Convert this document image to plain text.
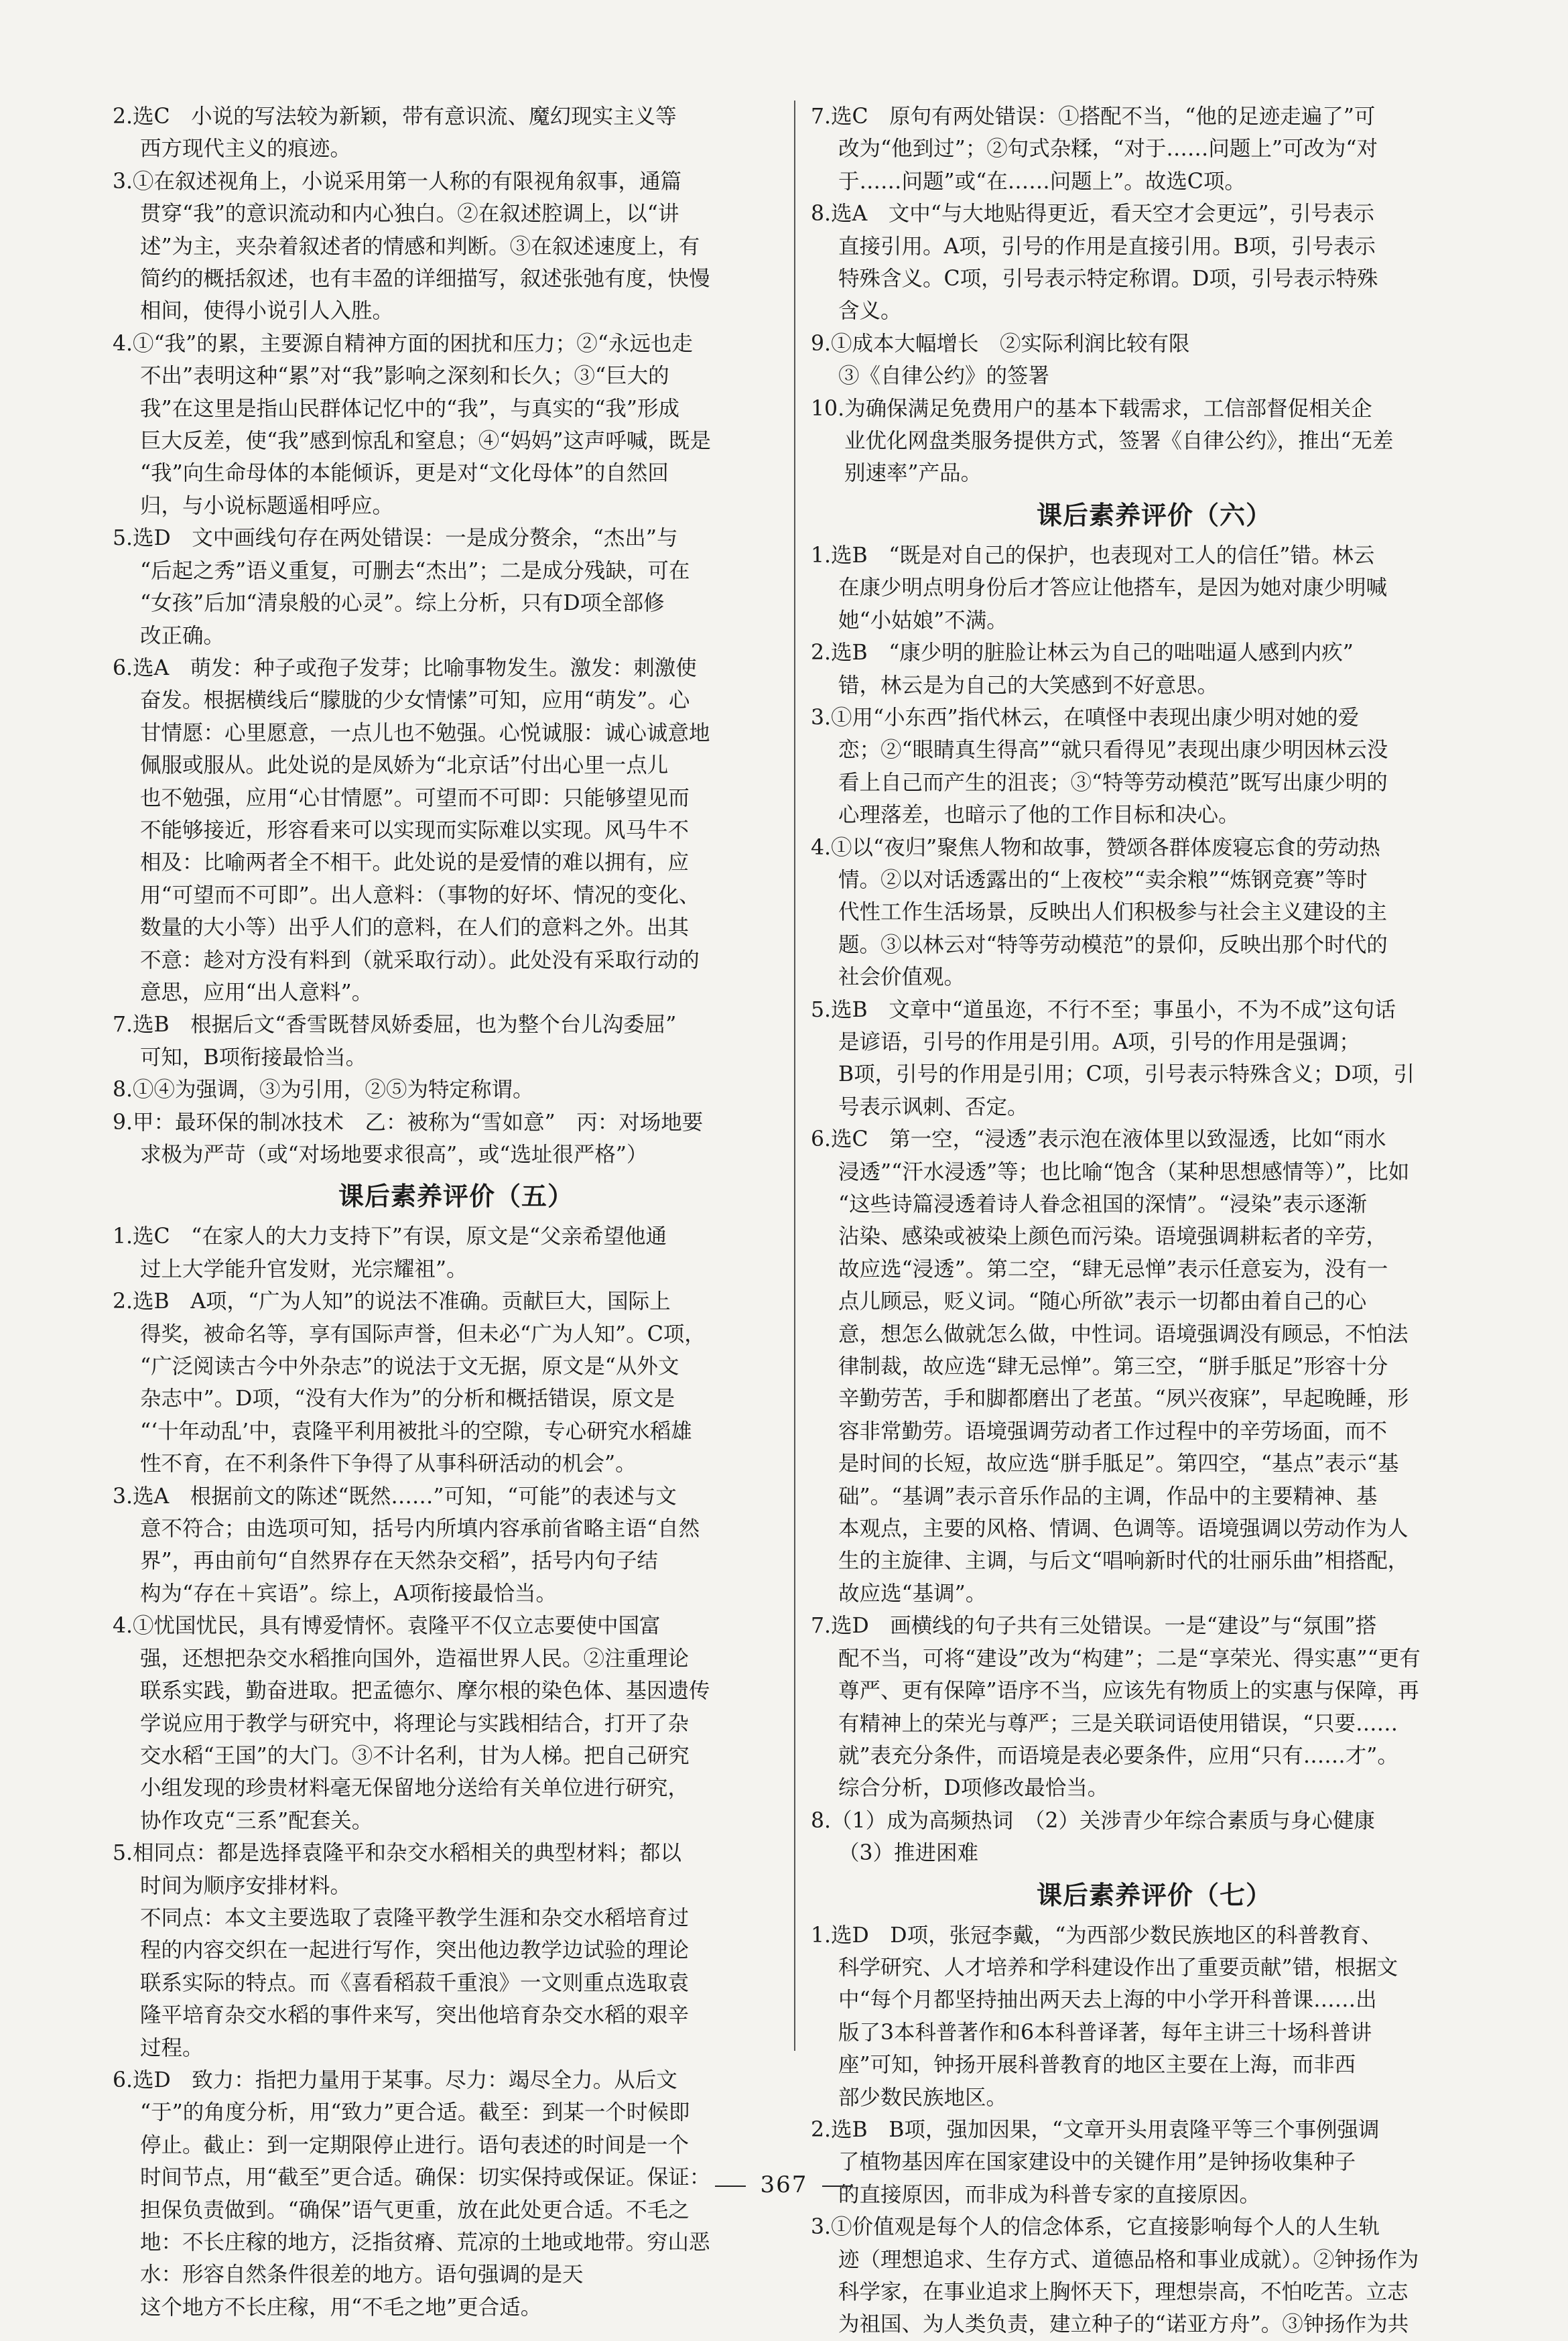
2.选C　小说的写法较为新颖，带有意识流、魔幻现实主义等
西方现代主义的痕迹。
3.①在叙述视角上，小说采用第一人称的有限视角叙事，通篇
贯穿“我”的意识流动和内心独白。②在叙述腔调上，以“讲
述”为主，夹杂着叙述者的情感和判断。③在叙述速度上，有
简约的概括叙述，也有丰盈的详细描写，叙述张弛有度，快慢
相间，使得小说引人入胜。
4.①“我”的累，主要源自精神方面的困扰和压力；②“永远也走
不出”表明这种“累”对“我”影响之深刻和长久；③“巨大的
我”在这里是指山民群体记忆中的“我”，与真实的“我”形成
巨大反差，使“我”感到惊乱和窒息；④“妈妈”这声呼喊，既是
“我”向生命母体的本能倾诉，更是对“文化母体”的自然回
归，与小说标题遥相呼应。
5.选D　文中画线句存在两处错误：一是成分赘余，“杰出”与
“后起之秀”语义重复，可删去“杰出”；二是成分残缺，可在
“女孩”后加“清泉般的心灵”。综上分析，只有D项全部修
改正确。
6.选A　萌发：种子或孢子发芽；比喻事物发生。激发：刺激使
奋发。根据横线后“朦胧的少女情愫”可知，应用“萌发”。心
甘情愿：心里愿意，一点儿也不勉强。心悦诚服：诚心诚意地
佩服或服从。此处说的是凤娇为“北京话”付出心里一点儿
也不勉强，应用“心甘情愿”。可望而不可即：只能够望见而
不能够接近，形容看来可以实现而实际难以实现。风马牛不
相及：比喻两者全不相干。此处说的是爱情的难以拥有，应
用“可望而不可即”。出人意料：（事物的好坏、情况的变化、
数量的大小等）出乎人们的意料，在人们的意料之外。出其
不意：趁对方没有料到（就采取行动）。此处没有采取行动的
意思，应用“出人意料”。
7.选B　根据后文“香雪既替凤娇委屈，也为整个台儿沟委屈”
可知，B项衔接最恰当。
8.①④为强调，③为引用，②⑤为特定称谓。
9.甲：最环保的制冰技术　乙：被称为“雪如意”　丙：对场地要
求极为严苛（或“对场地要求很高”，或“选址很严格”）
课后素养评价（五）
1.选C　“在家人的大力支持下”有误，原文是“父亲希望他通
过上大学能升官发财，光宗耀祖”。
2.选B　A项，“广为人知”的说法不准确。贡献巨大，国际上
得奖，被命名等，享有国际声誉，但未必“广为人知”。C项，
“广泛阅读古今中外杂志”的说法于文无据，原文是“从外文
杂志中”。D项，“没有大作为”的分析和概括错误，原文是
“‘十年动乱’中，袁隆平利用被批斗的空隙，专心研究水稻雄
性不育，在不利条件下争得了从事科研活动的机会”。
3.选A　根据前文的陈述“既然……”可知，“可能”的表述与文
意不符合；由选项可知，括号内所填内容承前省略主语“自然
界”，再由前句“自然界存在天然杂交稻”，括号内句子结
构为“存在＋宾语”。综上，A项衔接最恰当。
4.①忧国忧民，具有博爱情怀。袁隆平不仅立志要使中国富
强，还想把杂交水稻推向国外，造福世界人民。②注重理论
联系实践，勤奋进取。把孟德尔、摩尔根的染色体、基因遗传
学说应用于教学与研究中，将理论与实践相结合，打开了杂
交水稻“王国”的大门。③不计名利，甘为人梯。把自己研究
小组发现的珍贵材料毫无保留地分送给有关单位进行研究，
协作攻克“三系”配套关。
5.相同点：都是选择袁隆平和杂交水稻相关的典型材料；都以
时间为顺序安排材料。
不同点：本文主要选取了袁隆平教学生涯和杂交水稻培育过
程的内容交织在一起进行写作，突出他边教学边试验的理论
联系实际的特点。而《喜看稻菽千重浪》一文则重点选取袁
隆平培育杂交水稻的事件来写，突出他培育杂交水稻的艰辛
过程。
6.选D　致力：指把力量用于某事。尽力：竭尽全力。从后文
“于”的角度分析，用“致力”更合适。截至：到某一个时候即
停止。截止：到一定期限停止进行。语句表述的时间是一个
时间节点，用“截至”更合适。确保：切实保持或保证。保证：
担保负责做到。“确保”语气更重，放在此处更合适。不毛之
地：不长庄稼的地方，泛指贫瘠、荒凉的土地或地带。穷山恶
水：形容自然条件很差的地方。语句强调的是天
这个地方不长庄稼，用“不毛之地”更合适。
7.选C　原句有两处错误：①搭配不当，“他的足迹走遍了”可
改为“他到过”；②句式杂糅，“对于……问题上”可改为“对
于……问题”或“在……问题上”。故选C项。
8.选A　文中“与大地贴得更近，看天空才会更远”，引号表示
直接引用。A项，引号的作用是直接引用。B项，引号表示
特殊含义。C项，引号表示特定称谓。D项，引号表示特殊
含义。
9.①成本大幅增长　②实际利润比较有限
③《自律公约》的签署
10.为确保满足免费用户的基本下载需求，工信部督促相关企
业优化网盘类服务提供方式，签署《自律公约》，推出“无差
别速率”产品。
课后素养评价（六）
1.选B　“既是对自己的保护，也表现对工人的信任”错。林云
在康少明点明身份后才答应让他搭车，是因为她对康少明喊
她“小姑娘”不满。
2.选B　“康少明的脏脸让林云为自己的咄咄逼人感到内疚”
错，林云是为自己的大笑感到不好意思。
3.①用“小东西”指代林云，在嗔怪中表现出康少明对她的爱
恋；②“眼睛真生得高”“就只看得见”表现出康少明因林云没
看上自己而产生的沮丧；③“特等劳动模范”既写出康少明的
心理落差，也暗示了他的工作目标和决心。
4.①以“夜归”聚焦人物和故事，赞颂各群体废寝忘食的劳动热
情。②以对话透露出的“上夜校”“卖余粮”“炼钢竞赛”等时
代性工作生活场景，反映出人们积极参与社会主义建设的主
题。③以林云对“特等劳动模范”的景仰，反映出那个时代的
社会价值观。
5.选B　文章中“道虽迩，不行不至；事虽小，不为不成”这句话
是谚语，引号的作用是引用。A项，引号的作用是强调；
B项，引号的作用是引用；C项，引号表示特殊含义；D项，引
号表示讽刺、否定。
6.选C　第一空，“浸透”表示泡在液体里以致湿透，比如“雨水
浸透”“汗水浸透”等；也比喻“饱含（某种思想感情等）”，比如
“这些诗篇浸透着诗人眷念祖国的深情”。“浸染”表示逐渐
沾染、感染或被染上颜色而污染。语境强调耕耘者的辛劳，
故应选“浸透”。第二空，“肆无忌惮”表示任意妄为，没有一
点儿顾忌，贬义词。“随心所欲”表示一切都由着自己的心
意，想怎么做就怎么做，中性词。语境强调没有顾忌，不怕法
律制裁，故应选“肆无忌惮”。第三空，“胼手胝足”形容十分
辛勤劳苦，手和脚都磨出了老茧。“夙兴夜寐”，早起晚睡，形
容非常勤劳。语境强调劳动者工作过程中的辛劳场面，而不
是时间的长短，故应选“胼手胝足”。第四空，“基点”表示“基
础”。“基调”表示音乐作品的主调，作品中的主要精神、基
本观点，主要的风格、情调、色调等。语境强调以劳动作为人
生的主旋律、主调，与后文“唱响新时代的壮丽乐曲”相搭配，
故应选“基调”。
7.选D　画横线的句子共有三处错误。一是“建设”与“氛围”搭
配不当，可将“建设”改为“构建”；二是“享荣光、得实惠”“更有
尊严、更有保障”语序不当，应该先有物质上的实惠与保障，再
有精神上的荣光与尊严；三是关联词语使用错误，“只要……
就”表充分条件，而语境是表必要条件，应用“只有……才”。
综合分析，D项修改最恰当。
8.（1）成为高频热词　（2）关涉青少年综合素质与身心健康
（3）推进困难
课后素养评价（七）
1.选D　D项，张冠李戴，“为西部少数民族地区的科普教育、
科学研究、人才培养和学科建设作出了重要贡献”错，根据文
中“每个月都坚持抽出两天去上海的中小学开科普课……出
版了3本科普著作和6本科普译著，每年主讲三十场科普讲
座”可知，钟扬开展科普教育的地区主要在上海，而非西
部少数民族地区。
2.选B　B项，强加因果，“文章开头用袁隆平等三个事例强调
了植物基因库在国家建设中的关键作用”是钟扬收集种子
的直接原因，而非成为科普专家的直接原因。
3.①价值观是每个人的信念体系，它直接影响每个人的人生轨
迹（理想追求、生存方式、道德品格和事业成就）。②钟扬作为
科学家，在事业追求上胸怀天下，理想崇高，不怕吃苦。立志
为祖国、为人类负责，建立种子的“诺亚方舟”。③钟扬作为共
367
